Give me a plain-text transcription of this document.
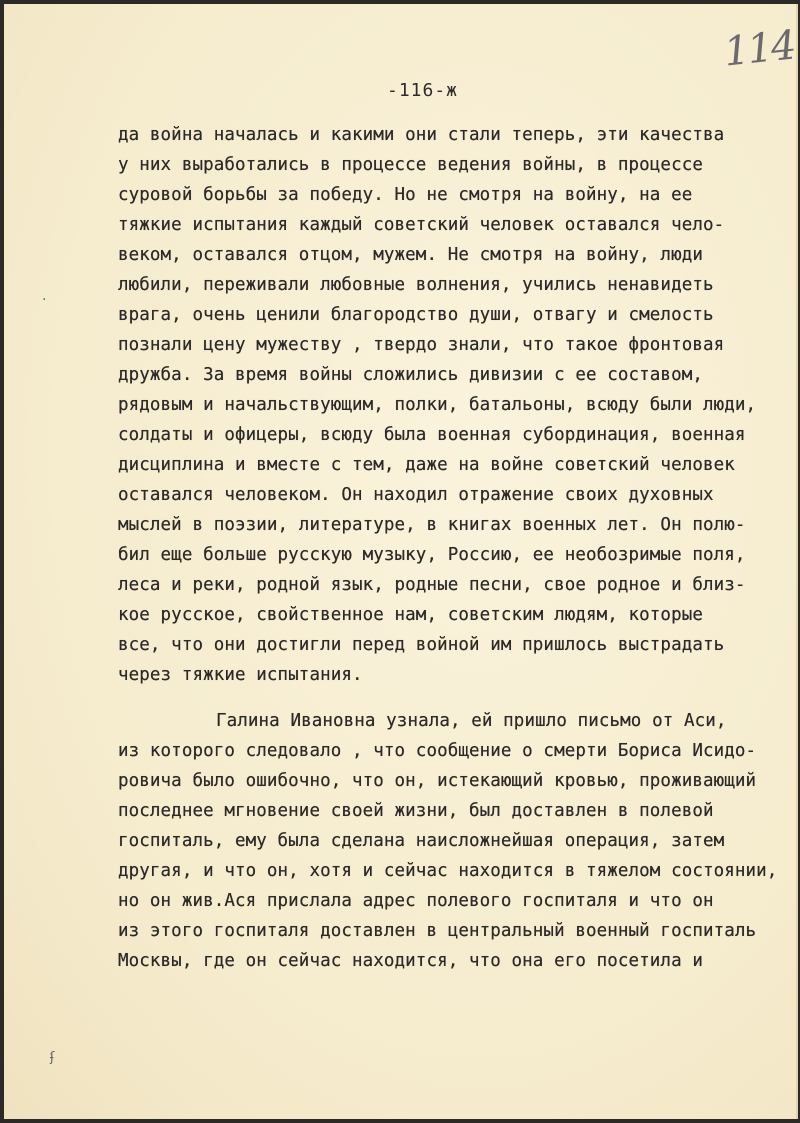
114
-116-ж
да война началась и какими они стали теперь, эти качества
у них выработались в процессе ведения войны, в процессе
суровой борьбы за победу. Но не смотря на войну, на ее
тяжкие испытания каждый советский человек оставался чело-
веком, оставался отцом, мужем. Не смотря на войну, люди
любили, переживали любовные волнения, учились ненавидеть
врага, очень ценили благородство души, отвагу и смелость
познали цену мужеству , твердо знали, что такое фронтовая
дружба. За время войны сложились дивизии с ее составом,
рядовым и начальствующим, полки, батальоны, всюду были люди,
солдаты и офицеры, всюду была военная субординация, военная
дисциплина и вместе с тем, даже на войне советский человек
оставался человеком. Он находил отражение своих духовных
мыслей в поэзии, литературе, в книгах военных лет. Он полю-
бил еще больше русскую музыку, Россию, ее необозримые поля,
леса и реки, родной язык, родные песни, свое родное и близ-
кое русское, свойственное нам, советским людям, которые
все, что они достигли перед войной им пришлось выстрадать
через тяжкие испытания.
Галина Ивановна узнала, ей пришло письмо от Аси,
из которого следовало , что сообщение о смерти Бориса Исидо-
ровича было ошибочно, что он, истекающий кровью, проживающий
последнее мгновение своей жизни, был доставлен в полевой
госпиталь, ему была сделана наисложнейшая операция, затем
другая, и что он, хотя и сейчас находится в тяжелом состоянии,
но он жив.Ася прислала адрес полевого госпиталя и что он
из этого госпиталя доставлен в центральный военный госпиталь
Москвы, где он сейчас находится, что она его посетила и
·
ʄ
